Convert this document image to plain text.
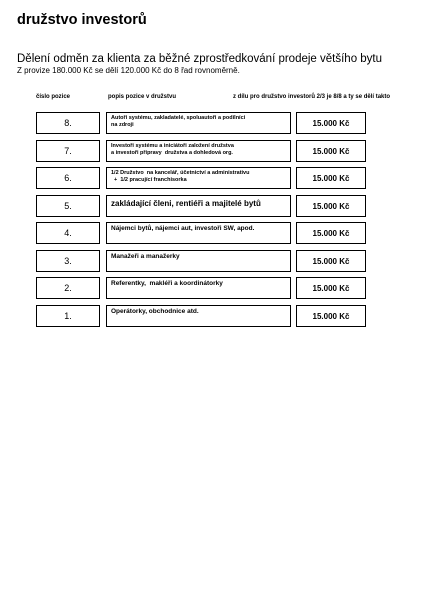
družstvo investorů
Dělení odměn za klienta za běžné zprostředkování prodeje většího bytu
Z provize 180.000 Kč se dělí 120.000 Kč do 8 řad rovnoměrně.
číslo pozice	popis pozice v družstvu	z dílu pro družstvo investorů 2/3 je 8/8 a ty se dělí takto
8.	Autoři systému, zakladatelé, spoluautoři a podílníci
na zdroji	15.000 Kč
7.	Investoři systému a iniciátoři založení družstva
a investoři přípravy  družstva a dohledová org.	15.000 Kč
6.	1/2 Družstvo  na kancelář, účetnictví a administrativu
+  1/2 pracující franchisorka	15.000 Kč
5.	zakládající členi, rentiéři a majitelé bytů	15.000 Kč
4.	Nájemci bytů, nájemci aut, investoři SW, apod.	15.000 Kč
3.	Manažeři a manažerky	15.000 Kč
2.	Referentky,  makléři a koordinátorky	15.000 Kč
1.	Operátorky, obchodnice atd.	15.000 Kč
